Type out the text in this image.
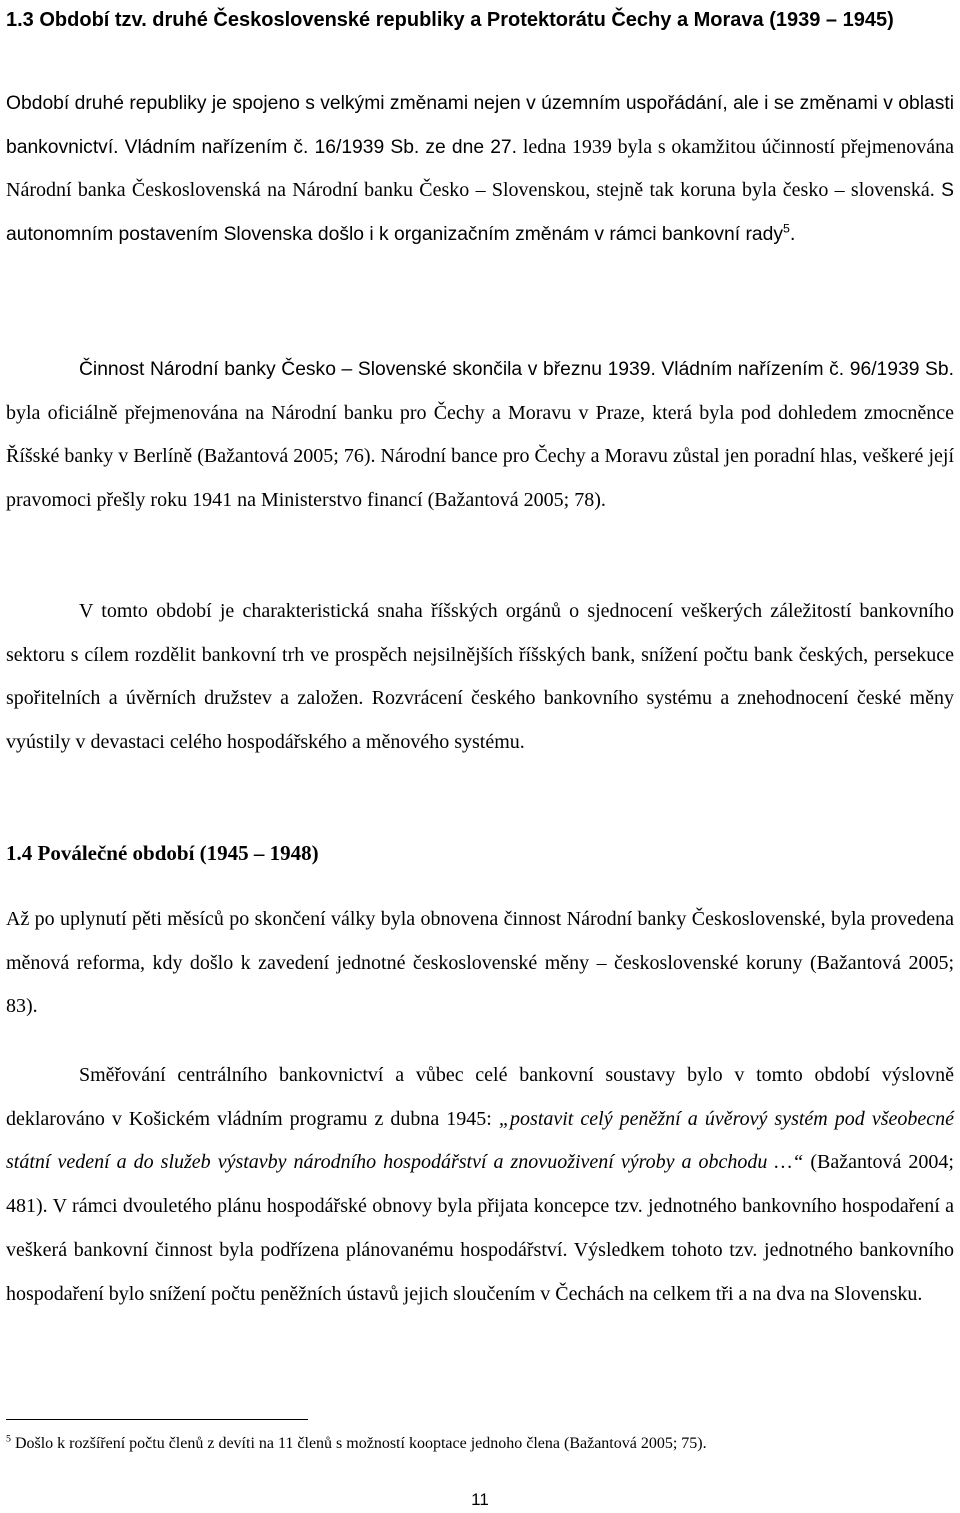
1.3 Období tzv. druhé Československé republiky a Protektorátu Čechy a Morava (1939 – 1945)

Období druhé republiky je spojeno s velkými změnami nejen v územním uspořádání, ale i se změnami v oblasti bankovnictví. Vládním nařízením č. 16/1939 Sb. ze dne 27. ledna 1939 byla s okamžitou účinností přejmenována Národní banka Československá na Národní banku Česko – Slovenskou, stejně tak koruna byla česko – slovenská. S autonomním postavením Slovenska došlo i k organizačním změnám v rámci bankovní rady$^5$.

Činnost Národní banky Česko – Slovenské skončila v březnu 1939. Vládním nařízením č. 96/1939 Sb. byla oficiálně přejmenována na Národní banku pro Čechy a Moravu v Praze, která byla pod dohledem zmocněnce Říšské banky v Berlíně (Bažantová 2005; 76). Národní bance pro Čechy a Moravu zůstal jen poradní hlas, veškeré její pravomoci přešly roku 1941 na Ministerstvo financí (Bažantová 2005; 78).

V tomto období je charakteristická snaha říšských orgánů o sjednocení veškerých záležitostí bankovního sektoru s cílem rozdělit bankovní trh ve prospěch nejsilnějších říšských bank, snížení počtu bank českých, persekuce spořitelních a úvěrních družstev a založen. Rozvrácení českého bankovního systému a znehodnocení české měny vyústily v devastaci celého hospodářského a měnového systému.

1.4 Poválečné období (1945 – 1948)

Až po uplynutí pěti měsíců po skončení války byla obnovena činnost Národní banky Československé, byla provedena měnová reforma, kdy došlo k zavedení jednotné československé měny – československé koruny (Bažantová 2005; 83).

Směřování centrálního bankovnictví a vůbec celé bankovní soustavy bylo v tomto období výslovně deklarováno v Košickém vládním programu z dubna 1945: „postavit celý peněžní a úvěrový systém pod všeobecné státní vedení a do služeb výstavby národního hospodářství a znovuoživení výroby a obchodu …“ (Bažantová 2004; 481). V rámci dvouletého plánu hospodářské obnovy byla přijata koncepce tzv. jednotného bankovního hospodaření a veškerá bankovní činnost byla podřízena plánovanému hospodářství. Výsledkem tohoto tzv. jednotného bankovního hospodaření bylo snížení počtu peněžních ústavů jejich sloučením v Čechách na celkem tři a na dva na Slovensku.

$^5$ Došlo k rozšíření počtu členů z devíti na 11 členů s možností kooptace jednoho člena (Bažantová 2005; 75).
11
